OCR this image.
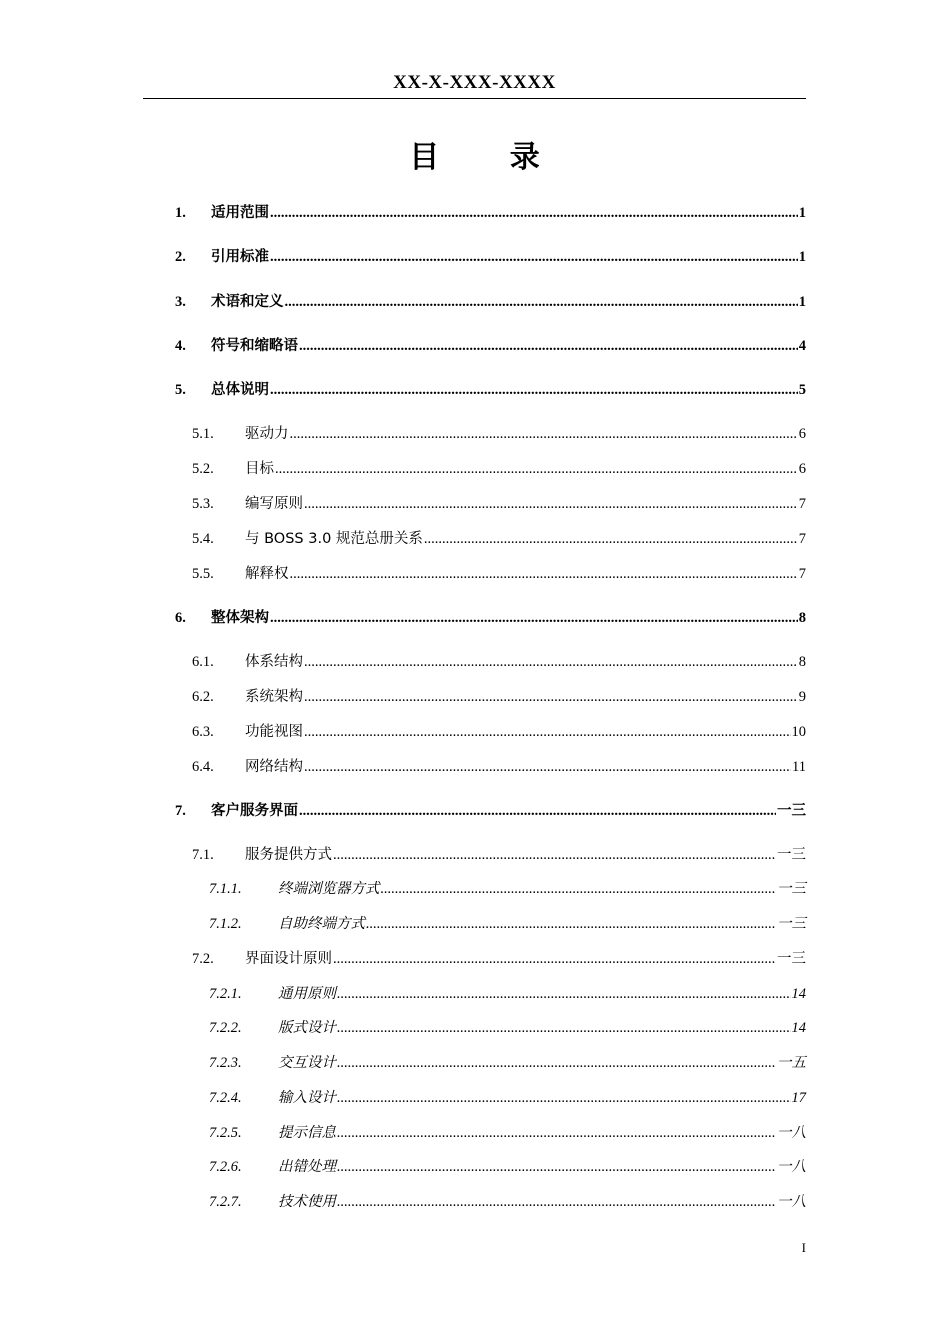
XX-X-XXX-XXXX
目 录
1.	适用范围 .....	1
2.	引用标准 .....	1
3.	术语和定义 .....	1
4.	符号和缩略语 .....	4
5.	总体说明 .....	5
5.1.	驱动力 .....	6
5.2.	目标 .....	6
5.3.	编写原则 .....	7
5.4.	与 BOSS 3.0 规范总册关系 .....	7
5.5.	解释权 .....	7
6.	整体架构 .....	8
6.1.	体系结构 .....	8
6.2.	系统架构 .....	9
6.3.	功能视图 .....	10
6.4.	网络结构 .....	11
7.	客户服务界面 .....	一三
7.1.	服务提供方式 .....	一三
7.1.1.	终端浏览器方式 .....	一三
7.1.2.	自助终端方式 .....	一三
7.2.	界面设计原则 .....	一三
7.2.1.	通用原则 .....	14
7.2.2.	版式设计 .....	14
7.2.3.	交互设计 .....	一五
7.2.4.	输入设计 .....	17
7.2.5.	提示信息 .....	一八
7.2.6.	出错处理 .....	一八
7.2.7.	技术使用 .....	一八
I
